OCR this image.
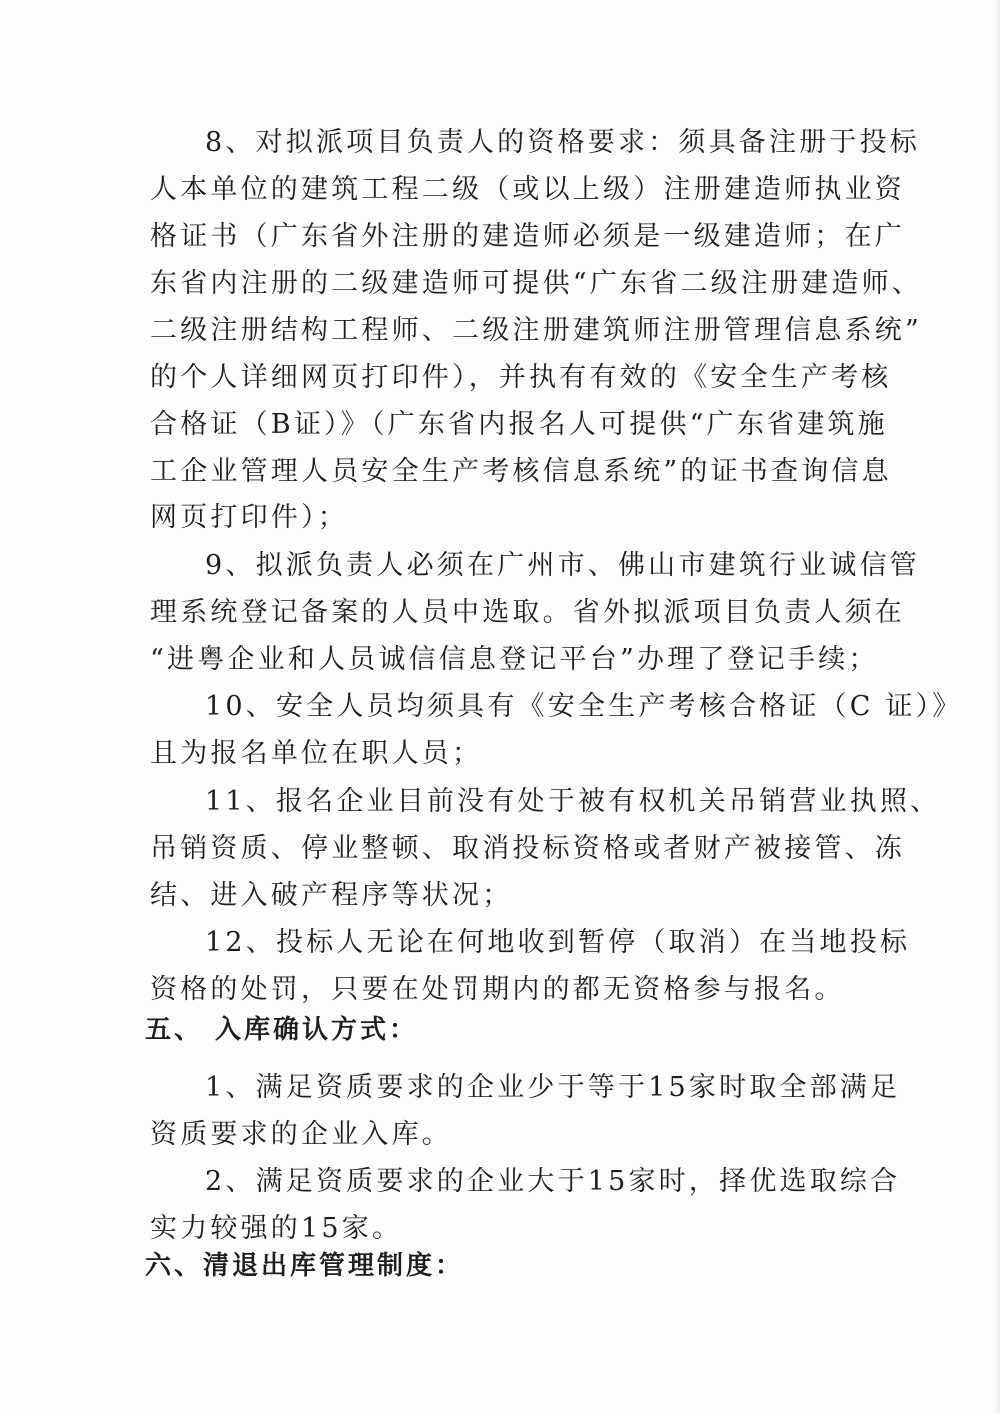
8、对拟派项目负责人的资格要求：须具备注册于投标
人本单位的建筑工程二级（或以上级）注册建造师执业资
格证书（广东省外注册的建造师必须是一级建造师；在广
东省内注册的二级建造师可提供“广东省二级注册建造师、
二级注册结构工程师、二级注册建筑师注册管理信息系统”
的个人详细网页打印件），并执有有效的《安全生产考核
合格证（B证）》（广东省内报名人可提供“广东省建筑施
工企业管理人员安全生产考核信息系统”的证书查询信息
网页打印件）；
9、拟派负责人必须在广州市、佛山市建筑行业诚信管
理系统登记备案的人员中选取。省外拟派项目负责人须在
“进粤企业和人员诚信信息登记平台”办理了登记手续；
10、安全人员均须具有《安全生产考核合格证（C 证）》
且为报名单位在职人员；
11、报名企业目前没有处于被有权机关吊销营业执照、
吊销资质、停业整顿、取消投标资格或者财产被接管、冻
结、进入破产程序等状况；
12、投标人无论在何地收到暂停（取消）在当地投标
资格的处罚，只要在处罚期内的都无资格参与报名。
五、 入库确认方式：
1、满足资质要求的企业少于等于15家时取全部满足
资质要求的企业入库。
2、满足资质要求的企业大于15家时，择优选取综合
实力较强的15家。
六、清退出库管理制度：
